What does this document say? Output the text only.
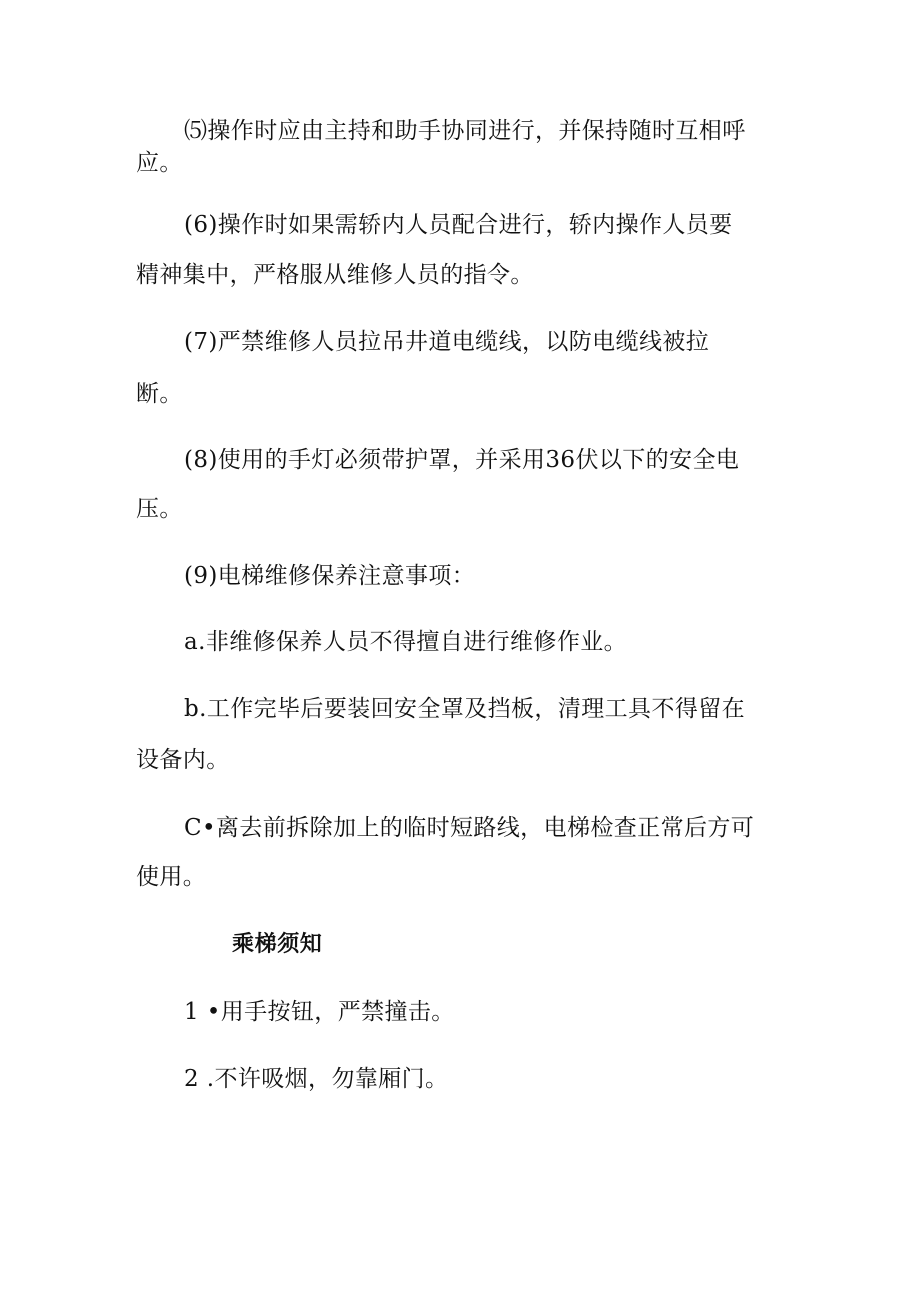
⑸操作时应由主持和助手协同进行，并保持随时互相呼
应。
(6)操作时如果需轿内人员配合进行，轿内操作人员要
精神集中，严格服从维修人员的指令。
(7)严禁维修人员拉吊井道电缆线，以防电缆线被拉
断。
(8)使用的手灯必须带护罩，并采用36伏以下的安全电
压。
(9)电梯维修保养注意事项：
a.非维修保养人员不得擅自进行维修作业。
b.工作完毕后要装回安全罩及挡板，清理工具不得留在
设备内。
C•离去前拆除加上的临时短路线，电梯检查正常后方可
使用。
乘梯须知
1 •用手按钮，严禁撞击。
2 .不许吸烟，勿靠厢门。
